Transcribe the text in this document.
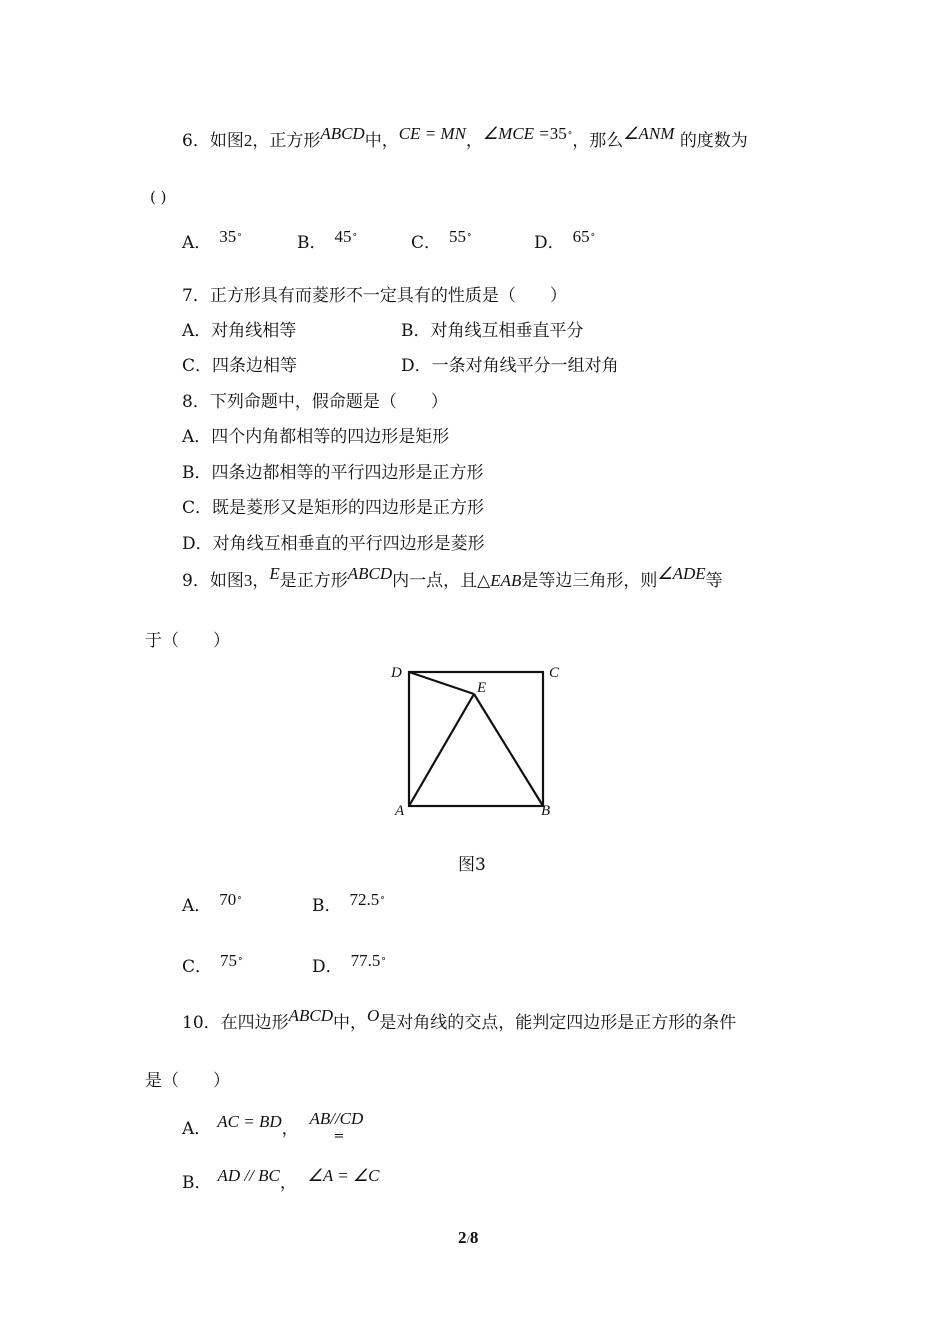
6．如图2，正方形ABCD中，CE = MN，∠MCE =35°，那么∠ANM 的度数为
( )
A． 35°	B． 45°	C． 55°	D． 65°
7．正方形具有而菱形不一定具有的性质是（　　）
A．对角线相等	B．对角线互相垂直平分
C．四条边相等	D．一条对角线平分一组对角
8．下列命题中，假命题是（　　）
A．四个内角都相等的四边形是矩形
B．四条边都相等的平行四边形是正方形
C．既是菱形又是矩形的四边形是正方形
D．对角线互相垂直的平行四边形是菱形
9．如图3，E是正方形ABCD内一点，且△EAB是等边三角形，则∠ADE等
于（　　）
D	C
E
A	B
图3
A． 70°	B． 72.5°
C． 75°	D． 77.5°
10．在四边形ABCD中，O是对角线的交点，能判定四边形是正方形的条件
是（　　）
A． AC = BD，  AB//CD
=
B． AD // BC， ∠A = ∠C
2/8
